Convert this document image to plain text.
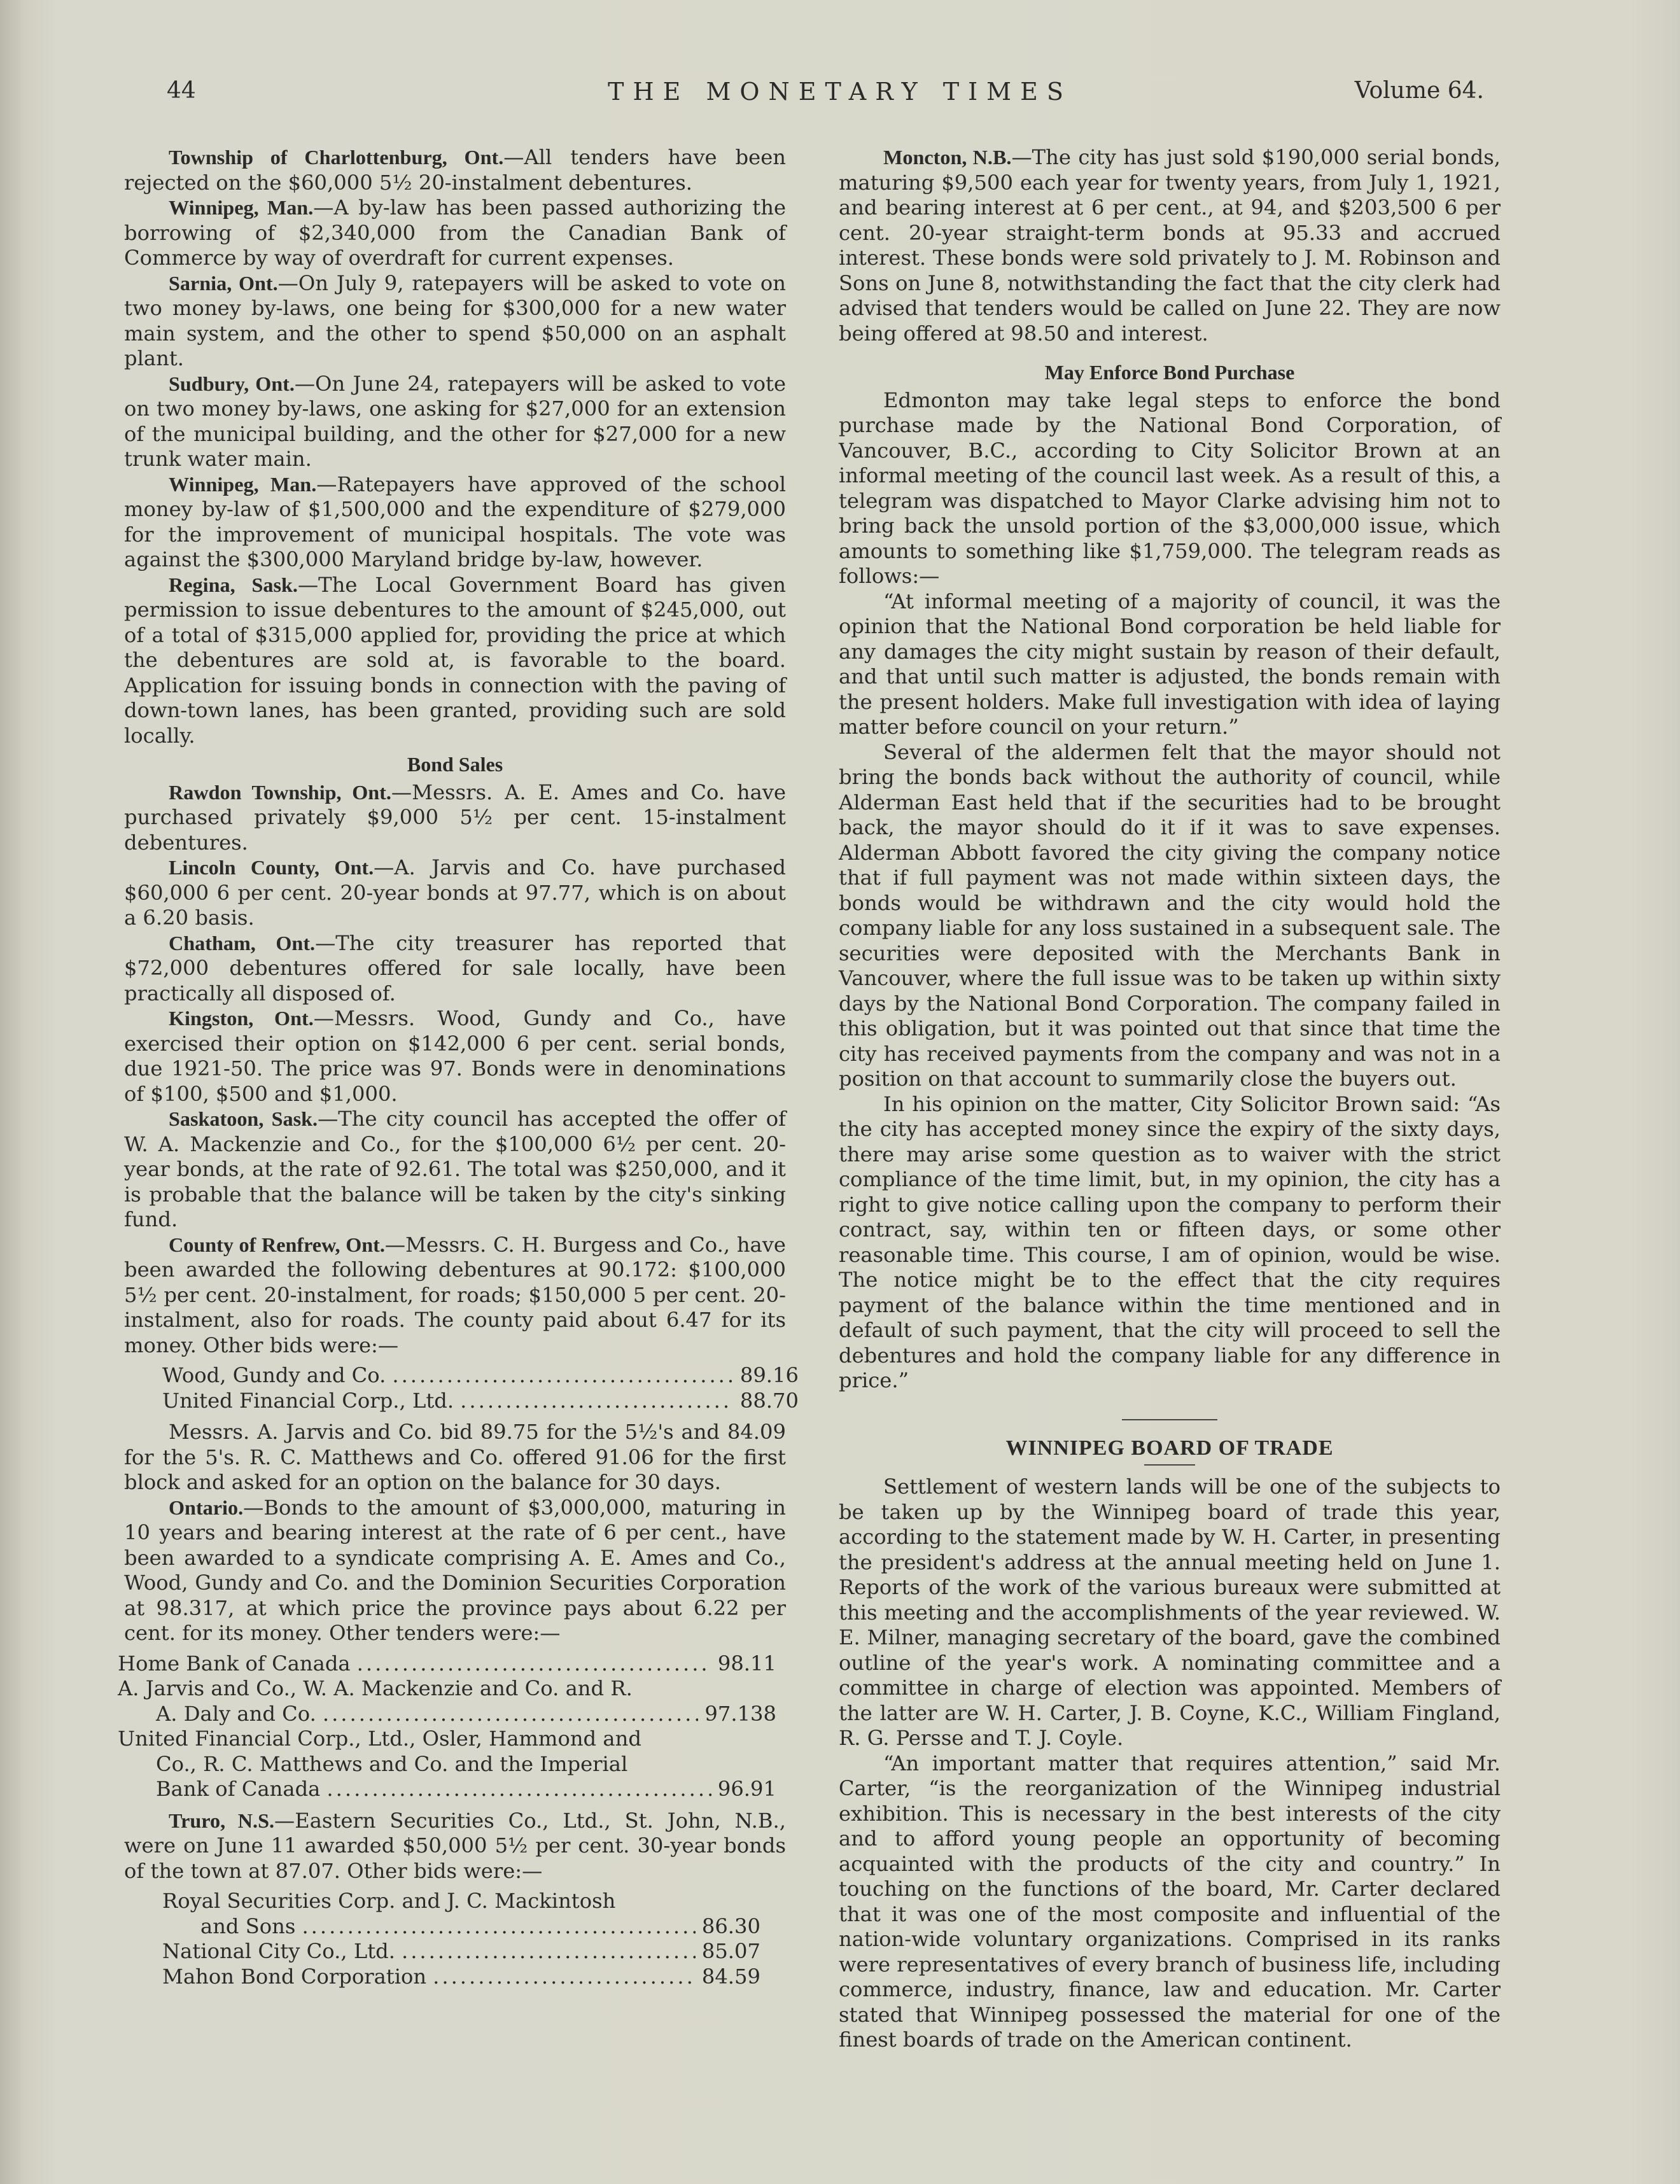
44	THE MONETARY TIMES	Volume 64.

Township of Charlottenburg, Ont.—All tenders have been rejected on the $60,000 5½ 20-instalment debentures.

Winnipeg, Man.—A by-law has been passed authorizing the borrowing of $2,340,000 from the Canadian Bank of Commerce by way of overdraft for current expenses.

Sarnia, Ont.—On July 9, ratepayers will be asked to vote on two money by-laws, one being for $300,000 for a new water main system, and the other to spend $50,000 on an asphalt plant.

Sudbury, Ont.—On June 24, ratepayers will be asked to vote on two money by-laws, one asking for $27,000 for an extension of the municipal building, and the other for $27,000 for a new trunk water main.

Winnipeg, Man.—Ratepayers have approved of the school money by-law of $1,500,000 and the expenditure of $279,000 for the improvement of municipal hospitals. The vote was against the $300,000 Maryland bridge by-law, however.

Regina, Sask.—The Local Government Board has given permission to issue debentures to the amount of $245,000, out of a total of $315,000 applied for, providing the price at which the debentures are sold at, is favorable to the board. Application for issuing bonds in connection with the paving of down-town lanes, has been granted, providing such are sold locally.

Bond Sales

Rawdon Township, Ont.—Messrs. A. E. Ames and Co. have purchased privately $9,000 5½ per cent. 15-instalment debentures.

Lincoln County, Ont.—A. Jarvis and Co. have purchased $60,000 6 per cent. 20-year bonds at 97.77, which is on about a 6.20 basis.

Chatham, Ont.—The city treasurer has reported that $72,000 debentures offered for sale locally, have been practically all disposed of.

Kingston, Ont.—Messrs. Wood, Gundy and Co., have exercised their option on $142,000 6 per cent. serial bonds, due 1921-50. The price was 97. Bonds were in denominations of $100, $500 and $1,000.

Saskatoon, Sask.—The city council has accepted the offer of W. A. Mackenzie and Co., for the $100,000 6½ per cent. 20-year bonds, at the rate of 92.61. The total was $250,000, and it is probable that the balance will be taken by the city's sinking fund.

County of Renfrew, Ont.—Messrs. C. H. Burgess and Co., have been awarded the following debentures at 90.172: $100,000 5½ per cent. 20-instalment, for roads; $150,000 5 per cent. 20-instalment, also for roads. The county paid about 6.47 for its money. Other bids were:—

Wood, Gundy and Co. .....	89.16
United Financial Corp., Ltd. .....	88.70

Messrs. A. Jarvis and Co. bid 89.75 for the 5½'s and 84.09 for the 5's. R. C. Matthews and Co. offered 91.06 for the first block and asked for an option on the balance for 30 days.

Ontario.—Bonds to the amount of $3,000,000, maturing in 10 years and bearing interest at the rate of 6 per cent., have been awarded to a syndicate comprising A. E. Ames and Co., Wood, Gundy and Co. and the Dominion Securities Corporation at 98.317, at which price the province pays about 6.22 per cent. for its money. Other tenders were:—

Home Bank of Canada .....	98.11
A. Jarvis and Co., W. A. Mackenzie and Co. and R.
A. Daly and Co. .....	97.138
United Financial Corp., Ltd., Osler, Hammond and
Co., R. C. Matthews and Co. and the Imperial
Bank of Canada .....	96.91

Truro, N.S.—Eastern Securities Co., Ltd., St. John, N.B., were on June 11 awarded $50,000 5½ per cent. 30-year bonds of the town at 87.07. Other bids were:—

Royal Securities Corp. and J. C. Mackintosh
and Sons .....	86.30
National City Co., Ltd. .....	85.07
Mahon Bond Corporation .....	84.59

Moncton, N.B.—The city has just sold $190,000 serial bonds, maturing $9,500 each year for twenty years, from July 1, 1921, and bearing interest at 6 per cent., at 94, and $203,500 6 per cent. 20-year straight-term bonds at 95.33 and accrued interest. These bonds were sold privately to J. M. Robinson and Sons on June 8, notwithstanding the fact that the city clerk had advised that tenders would be called on June 22. They are now being offered at 98.50 and interest.

May Enforce Bond Purchase

Edmonton may take legal steps to enforce the bond purchase made by the National Bond Corporation, of Vancouver, B.C., according to City Solicitor Brown at an informal meeting of the council last week. As a result of this, a telegram was dispatched to Mayor Clarke advising him not to bring back the unsold portion of the $3,000,000 issue, which amounts to something like $1,759,000. The telegram reads as follows:—

“At informal meeting of a majority of council, it was the opinion that the National Bond corporation be held liable for any damages the city might sustain by reason of their default, and that until such matter is adjusted, the bonds remain with the present holders. Make full investigation with idea of laying matter before council on your return.”

Several of the aldermen felt that the mayor should not bring the bonds back without the authority of council, while Alderman East held that if the securities had to be brought back, the mayor should do it if it was to save expenses. Alderman Abbott favored the city giving the company notice that if full payment was not made within sixteen days, the bonds would be withdrawn and the city would hold the company liable for any loss sustained in a subsequent sale. The securities were deposited with the Merchants Bank in Vancouver, where the full issue was to be taken up within sixty days by the National Bond Corporation. The company failed in this obligation, but it was pointed out that since that time the city has received payments from the company and was not in a position on that account to summarily close the buyers out.

In his opinion on the matter, City Solicitor Brown said: “As the city has accepted money since the expiry of the sixty days, there may arise some question as to waiver with the strict compliance of the time limit, but, in my opinion, the city has a right to give notice calling upon the company to perform their contract, say, within ten or fifteen days, or some other reasonable time. This course, I am of opinion, would be wise. The notice might be to the effect that the city requires payment of the balance within the time mentioned and in default of such payment, that the city will proceed to sell the debentures and hold the company liable for any difference in price.”

WINNIPEG BOARD OF TRADE

Settlement of western lands will be one of the subjects to be taken up by the Winnipeg board of trade this year, according to the statement made by W. H. Carter, in presenting the president's address at the annual meeting held on June 1. Reports of the work of the various bureaux were submitted at this meeting and the accomplishments of the year reviewed. W. E. Milner, managing secretary of the board, gave the combined outline of the year's work. A nominating committee and a committee in charge of election was appointed. Members of the latter are W. H. Carter, J. B. Coyne, K.C., William Fingland, R. G. Persse and T. J. Coyle.

“An important matter that requires attention,” said Mr. Carter, “is the reorganization of the Winnipeg industrial exhibition. This is necessary in the best interests of the city and to afford young people an opportunity of becoming acquainted with the products of the city and country.” In touching on the functions of the board, Mr. Carter declared that it was one of the most composite and influential of the nation-wide voluntary organizations. Comprised in its ranks were representatives of every branch of business life, including commerce, industry, finance, law and education. Mr. Carter stated that Winnipeg possessed the material for one of the finest boards of trade on the American continent.
